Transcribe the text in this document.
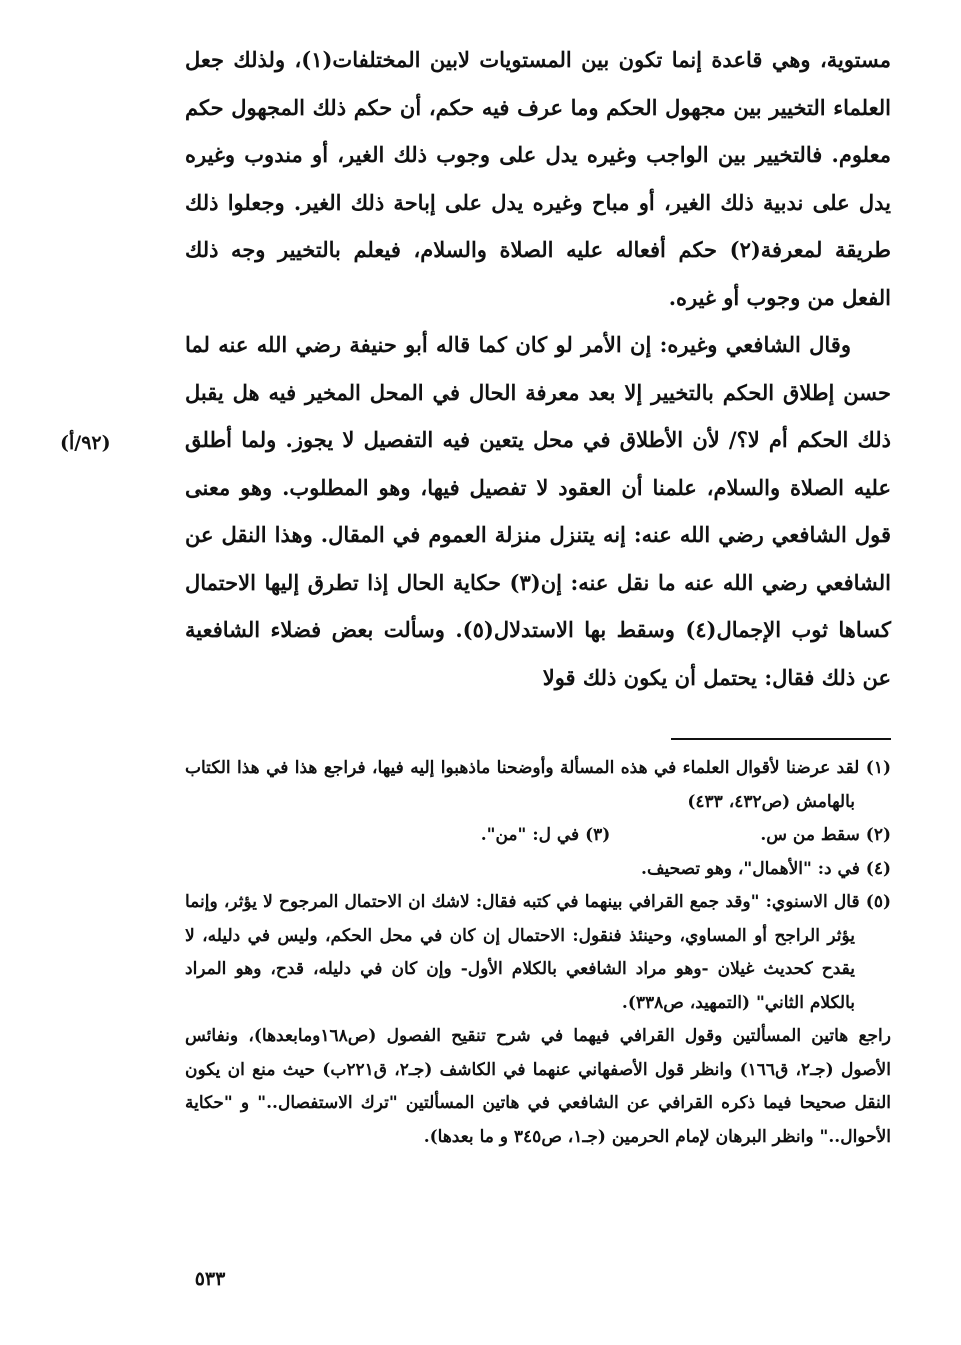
مستوية، وهي قاعدة إنما تكون بين المستويات لابين المختلفات(١)، ولذلك جعل العلماء التخيير بين مجهول الحكم وما عرف فيه حكم، أن حكم ذلك المجهول حكم معلوم. فالتخيير بين الواجب وغيره يدل على وجوب ذلك الغير، أو مندوب وغيره يدل على ندبية ذلك الغير، أو مباح وغيره يدل على إباحة ذلك الغير. وجعلوا ذلك طريقة لمعرفة(٢) حكم أفعاله عليه الصلاة والسلام، فيعلم بالتخيير وجه ذلك الفعل من وجوب أو غيره.

وقال الشافعي وغيره: إن الأمر لو كان كما قاله أبو حنيفة رضي الله عنه لما حسن إطلاق الحكم بالتخيير إلا بعد معرفة الحال في المحل المخير فيه هل يقبل ذلك الحكم أم لا؟/ لأن الأطلاق في محل يتعين فيه التفصيل لا يجوز. ولما أطلق عليه الصلاة والسلام، علمنا أن العقود لا تفصيل فيها، وهو المطلوب. وهو معنى قول الشافعي رضي الله عنه: إنه يتنزل منزلة العموم في المقال. وهذا النقل عن الشافعي رضي الله عنه ما نقل عنه: إن(٣) حكاية الحال إذا تطرق إليها الاحتمال كساها ثوب الإجمال(٤) وسقط بها الاستدلال(٥). وسألت بعض فضلاء الشافعية عن ذلك فقال: يحتمل أن يكون ذلك قولا

(٩٢/أ)

(١) لقد عرضنا لأقوال العلماء في هذه المسألة وأوضحنا ماذهبوا إليه فيها، فراجع هذا في هذا الكتاب بالهامش (ص٤٣٢، ٤٣٣)

(٢) سقط من س.

(٣) في ل: "من".

(٤) في د: "الأهمال"، وهو تصحيف.

(٥) قال الاسنوي: "وقد جمع القرافي بينهما في كتبه فقال: لاشك ان الاحتمال المرجوح لا يؤثر، وإنما يؤثر الراجح أو المساوي، وحينئذ فنقول: الاحتمال إن كان في محل الحكم، وليس في دليله، لا يقدح كحديث غيلان -وهو مراد الشافعي بالكلام الأول- وإن كان في دليله، قدح، وهو المراد بالكلام الثاني" (التمهيد، ص٣٣٨).

راجع هاتين المسألتين وقول القرافي فيهما في شرح تنقيح الفصول (ص١٦٨ومابعدها)، ونفائس الأصول (جـ٢، ق١٦٦) وانظر قول الأصفهاني عنهما في الكاشف (جـ٢، ق٢٢١ب) حيث منع ان يكون النقل صحيحا فيما ذكره القرافي عن الشافعي في هاتين المسألتين "ترك الاستفصال.." و "حكاية الأحوال.." وانظر البرهان لإمام الحرمين (جـ١، ص٣٤٥ و ما بعدها).

٥٣٣
